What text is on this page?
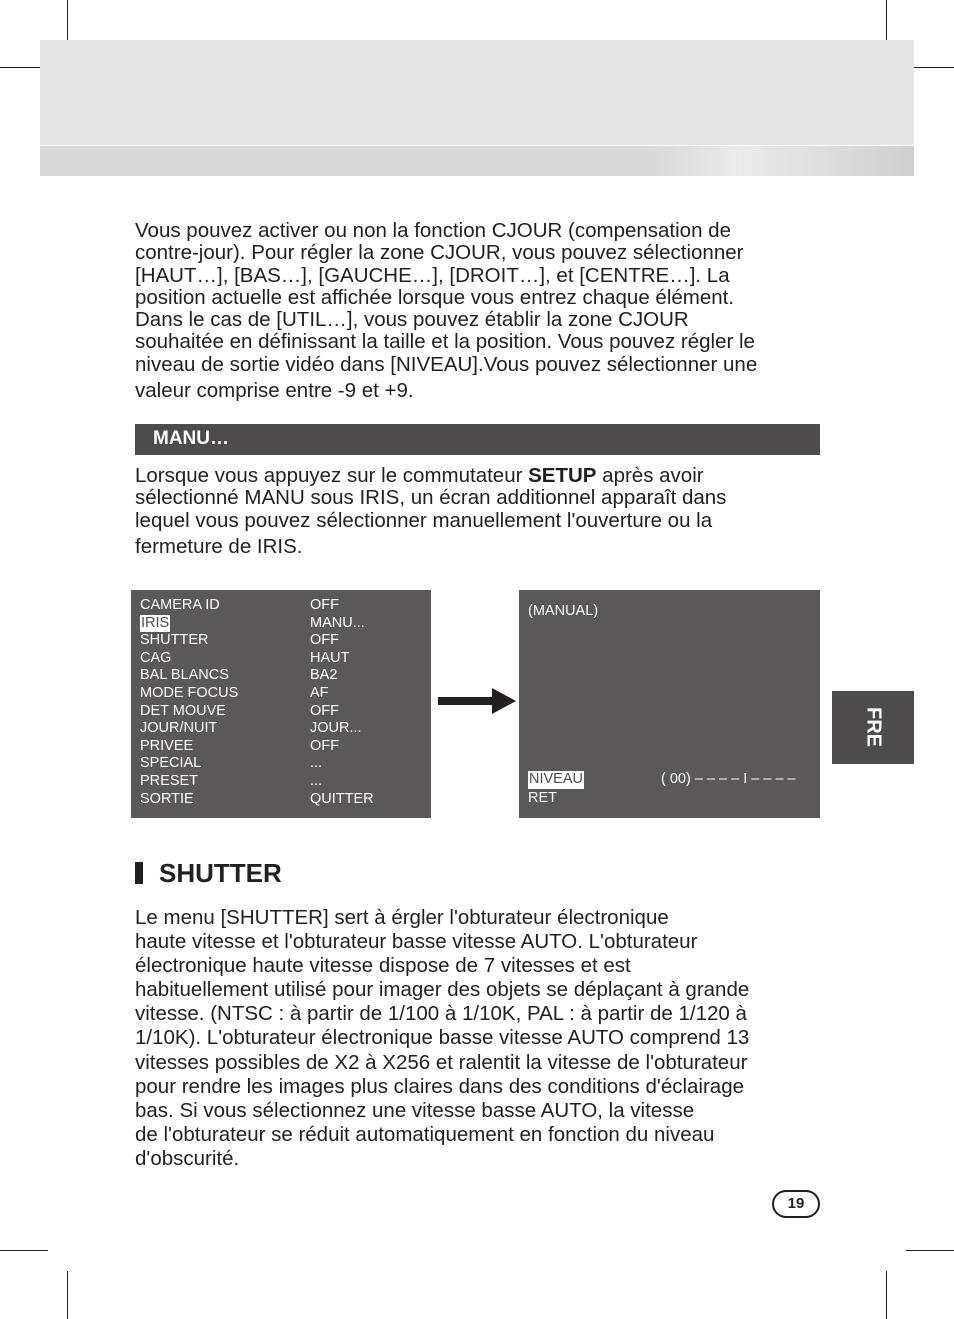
Vous pouvez activer ou non la fonction CJOUR (compensation de
contre-jour). Pour régler la zone CJOUR, vous pouvez sélectionner
[HAUT…], [BAS…], [GAUCHE…], [DROIT…], et [CENTRE…]. La
position actuelle est affichée lorsque vous entrez chaque élément.
Dans le cas de [UTIL…], vous pouvez établir la zone CJOUR
souhaitée en définissant la taille et la position. Vous pouvez régler le
niveau de sortie vidéo dans [NIVEAU].Vous pouvez sélectionner une
valeur comprise entre -9 et +9.
MANU…
Lorsque vous appuyez sur le commutateur SETUP après avoir
sélectionné MANU sous IRIS, un écran additionnel apparaît dans
lequel vous pouvez sélectionner manuellement l'ouverture ou la
fermeture de IRIS.
CAMERA ID	OFF
IRIS	MANU...
SHUTTER	OFF
CAG	HAUT
BAL BLANCS	BA2
MODE FOCUS	AF
DET MOUVE	OFF
JOUR/NUIT	JOUR...
PRIVEE	OFF
SPECIAL	...
PRESET	...
SORTIE	QUITTER
(MANUAL)
NIVEAU	( 00) – – – – I – – – –
RET
FRE
SHUTTER
Le menu [SHUTTER] sert à érgler l'obturateur électronique
haute vitesse et l'obturateur basse vitesse AUTO. L'obturateur
électronique haute vitesse dispose de 7 vitesses et est
habituellement utilisé pour imager des objets se déplaçant à grande
vitesse. (NTSC : à partir de 1/100 à 1/10K, PAL : à partir de 1/120 à
1/10K). L'obturateur électronique basse vitesse AUTO comprend 13
vitesses possibles de X2 à X256 et ralentit la vitesse de l'obturateur
pour rendre les images plus claires dans des conditions d'éclairage
bas. Si vous sélectionnez une vitesse basse AUTO, la vitesse
de l'obturateur se réduit automatiquement en fonction du niveau
d'obscurité.
19
